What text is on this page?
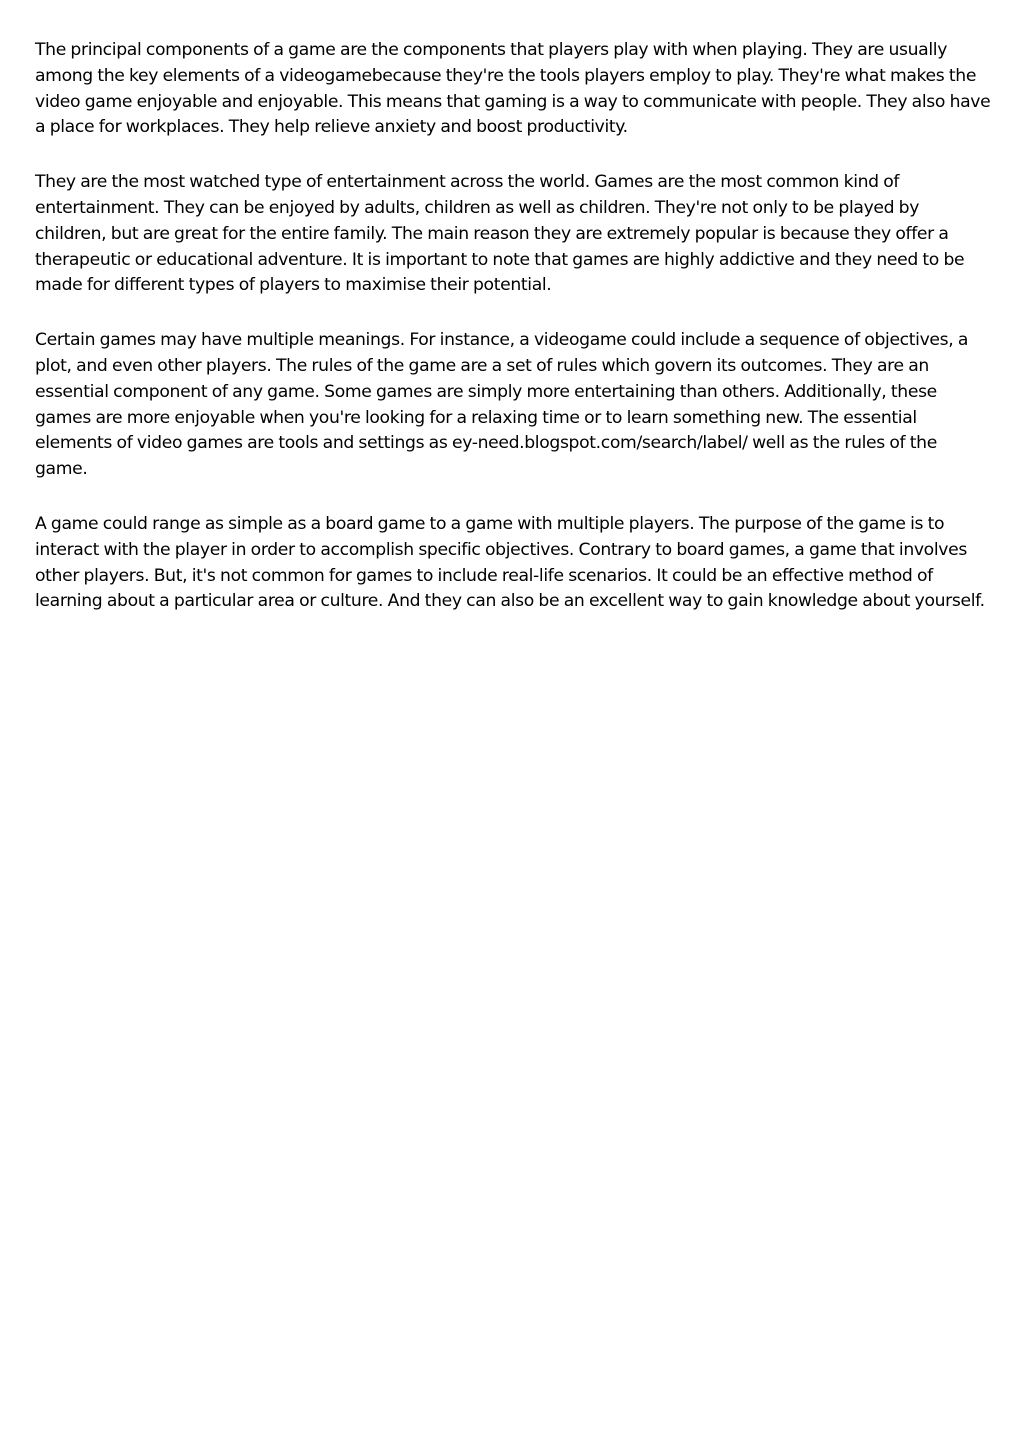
The principal components of a game are the components that players play with when playing. They are usually among the key elements of a videogamebecause they're the tools players employ to play. They're what makes the video game enjoyable and enjoyable. This means that gaming is a way to communicate with people. They also have a place for workplaces. They help relieve anxiety and boost productivity.

They are the most watched type of entertainment across the world. Games are the most common kind of entertainment. They can be enjoyed by adults, children as well as children. They're not only to be played by children, but are great for the entire family. The main reason they are extremely popular is because they offer a therapeutic or educational adventure. It is important to note that games are highly addictive and they need to be made for different types of players to maximise their potential.

Certain games may have multiple meanings. For instance, a videogame could include a sequence of objectives, a plot, and even other players. The rules of the game are a set of rules which govern its outcomes. They are an essential component of any game. Some games are simply more entertaining than others. Additionally, these games are more enjoyable when you're looking for a relaxing time or to learn something new. The essential elements of video games are tools and settings as ey-need.blogspot.com/search/label/ well as the rules of the game.

A game could range as simple as a board game to a game with multiple players. The purpose of the game is to interact with the player in order to accomplish specific objectives. Contrary to board games, a game that involves other players. But, it's not common for games to include real-life scenarios. It could be an effective method of learning about a particular area or culture. And they can also be an excellent way to gain knowledge about yourself.
